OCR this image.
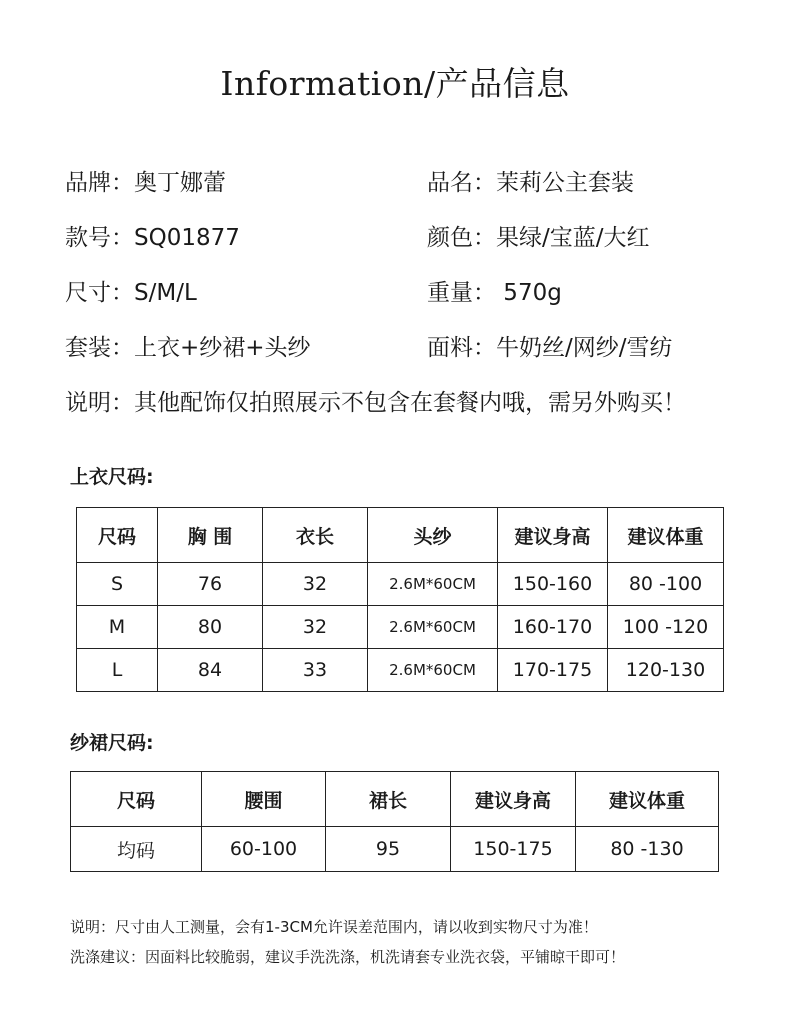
Information/产品信息
品牌：奥丁娜蕾	品名：茉莉公主套装
款号：SQ01877	颜色：果绿/宝蓝/大红
尺寸：S/M/L	重量： 570g
套装：上衣+纱裙+头纱	面料：牛奶丝/网纱/雪纺
说明：其他配饰仅拍照展示不包含在套餐内哦，需另外购买！
上衣尺码:
尺码	胸 围	衣长	头纱	建议身高	建议体重
S	76	32	2.6M*60CM	150-160	80 -100
M	80	32	2.6M*60CM	160-170	100 -120
L	84	33	2.6M*60CM	170-175	120-130
纱裙尺码:
尺码	腰围	裙长	建议身高	建议体重
均码	60-100	95	150-175	80 -130
说明：尺寸由人工测量，会有1-3CM允许误差范围内，请以收到实物尺寸为准！
洗涤建议：因面料比较脆弱，建议手洗洗涤，机洗请套专业洗衣袋，平铺晾干即可！
